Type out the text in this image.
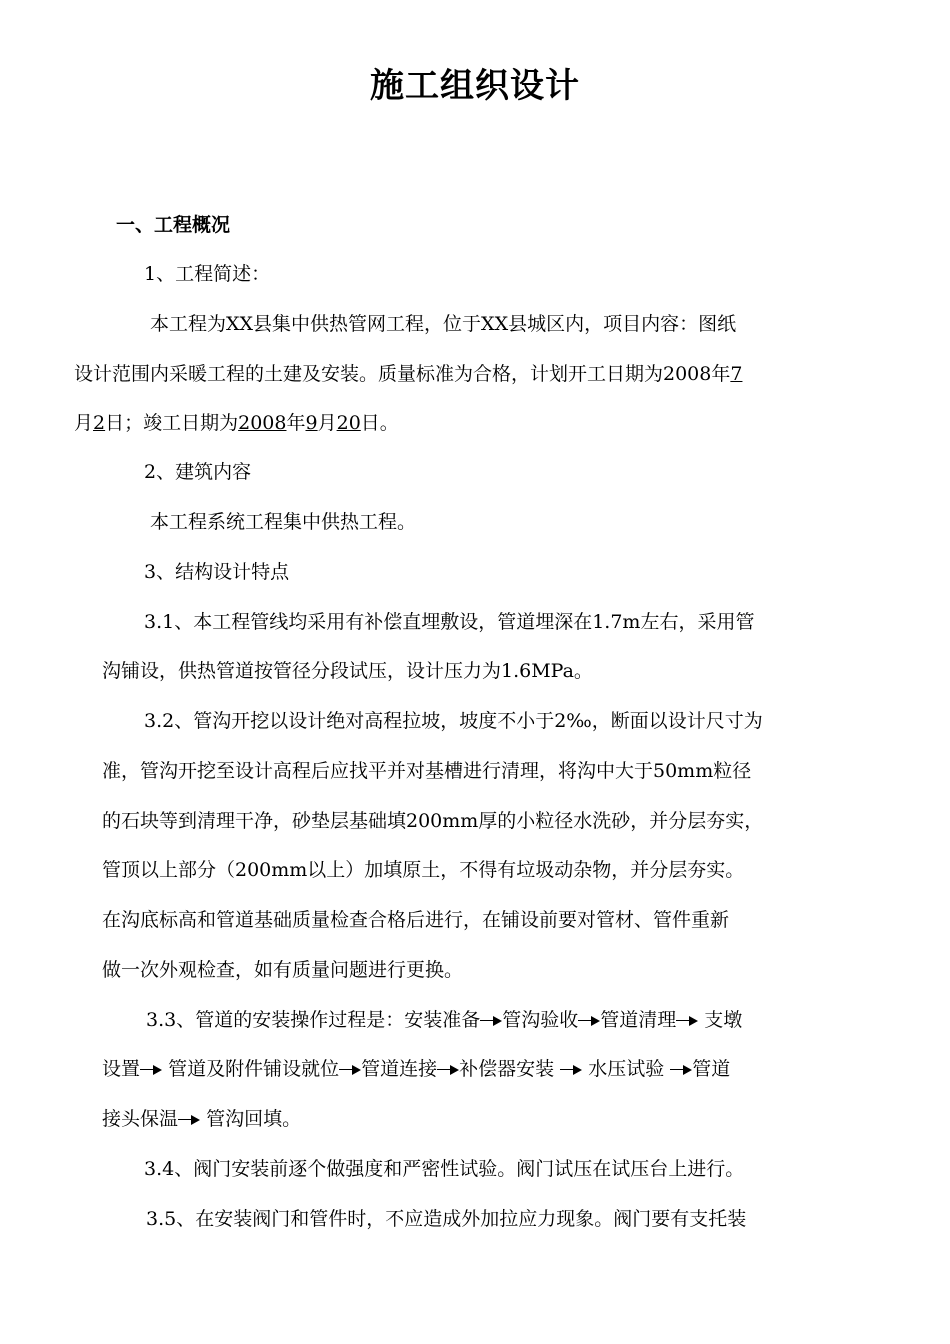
施工组织设计
一、工程概况
1、工程简述：
本工程为XX县集中供热管网工程，位于XX县城区内，项目内容：图纸
设计范围内采暖工程的土建及安装。质量标准为合格，计划开工日期为2008年7
月2日；竣工日期为2008年9月20日。
2、建筑内容
本工程系统工程集中供热工程。
3、结构设计特点
3.1、本工程管线均采用有补偿直埋敷设，管道埋深在1.7m左右，采用管
沟铺设，供热管道按管径分段试压，设计压力为1.6MPa。
3.2、管沟开挖以设计绝对高程拉坡，坡度不小于2‰，断面以设计尺寸为
准，管沟开挖至设计高程后应找平并对基槽进行清理，将沟中大于50mm粒径
的石块等到清理干净，砂垫层基础填200mm厚的小粒径水洗砂，并分层夯实，
管顶以上部分（200mm以上）加填原土，不得有垃圾动杂物，并分层夯实。
在沟底标高和管道基础质量检查合格后进行，在铺设前要对管材、管件重新
做一次外观检查，如有质量问题进行更换。
3.3、管道的安装操作过程是：安装准备 管沟验收 管道清理 支墩
设置 管道及附件铺设就位 管道连接 补偿器安装 水压试验 管道
接头保温 管沟回填。
3.4、阀门安装前逐个做强度和严密性试验。阀门试压在试压台上进行。
3.5、在安装阀门和管件时，不应造成外加拉应力现象。阀门要有支托装
